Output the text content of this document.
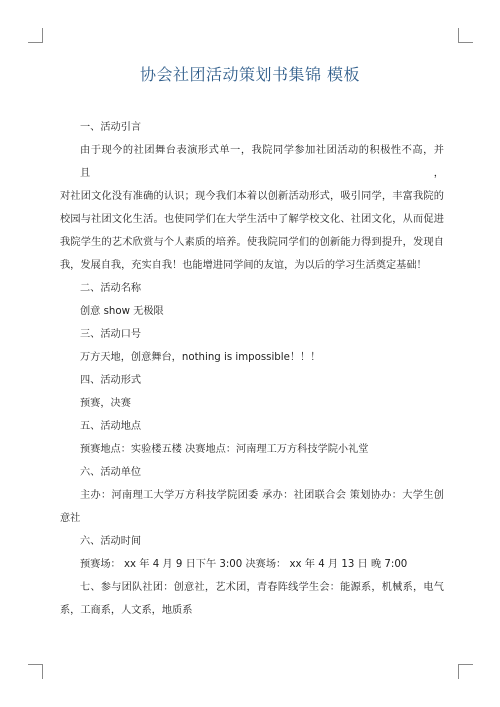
协会社团活动策划书集锦 模板
一、活动引言
由于现今的社团舞台表演形式单一，我院同学参加社团活动的积极性不高，并且，
对社团文化没有准确的认识；现今我们本着以创新活动形式，吸引同学，丰富我院的
校园与社团文化生活。也使同学们在大学生活中了解学校文化、社团文化，从而促进
我院学生的艺术欣赏与个人素质的培养。使我院同学们的创新能力得到提升，发现自
我，发展自我，充实自我！也能增进同学间的友谊，为以后的学习生活奠定基础！
二、活动名称
创意 show 无极限
三、活动口号
万方天地，创意舞台，nothing is impossible！！！
四、活动形式
预赛，决赛
五、活动地点
预赛地点：实验楼五楼 决赛地点：河南理工万方科技学院小礼堂
六、活动单位
主办：河南理工大学万方科技学院团委 承办：社团联合会 策划协办：大学生创
意社
六、活动时间
预赛场： xx 年 4 月 9 日下午 3:00 决赛场： xx 年 4 月 13 日 晚 7:00
七、参与团队社团：创意社，艺术团，青春阵线学生会：能源系，机械系，电气
系，工商系，人文系，地质系
